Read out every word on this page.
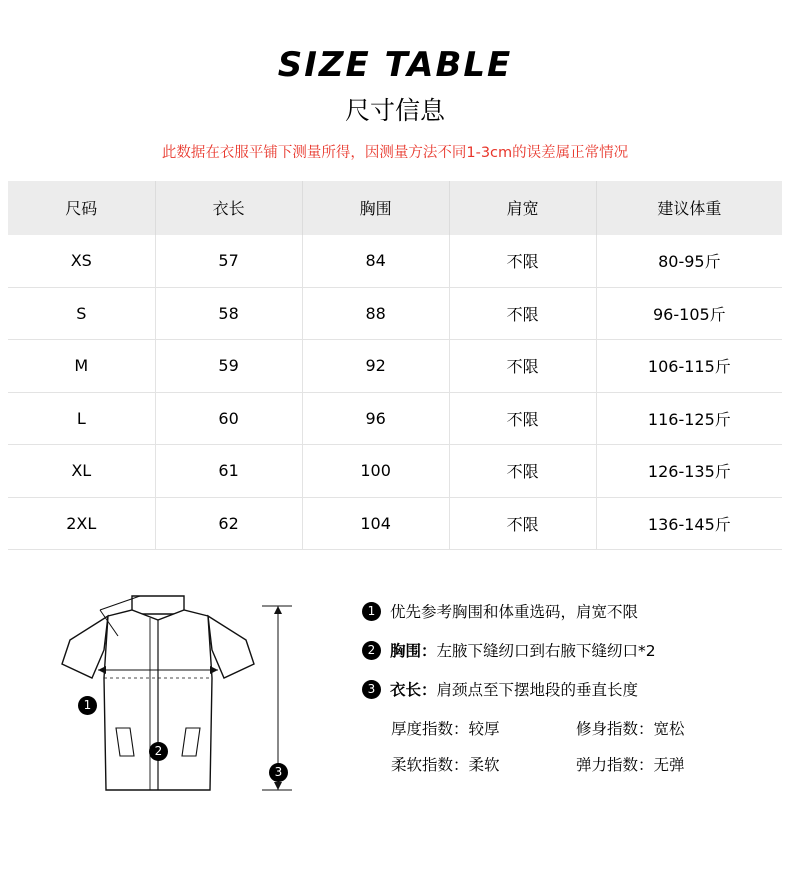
SIZE TABLE
尺寸信息
此数据在衣服平铺下测量所得，因测量方法不同1-3cm的误差属正常情况
尺码	衣长	胸围	肩宽	建议体重
XS	57	84	不限	80-95斤
S	58	88	不限	96-105斤
M	59	92	不限	106-115斤
L	60	96	不限	116-125斤
XL	61	100	不限	126-135斤
2XL	62	104	不限	136-145斤
1
2
3
1 优先参考胸围和体重选码，肩宽不限
2 胸围： 左腋下缝纫口到右腋下缝纫口*2
3 衣长： 肩颈点至下摆地段的垂直长度
厚度指数：较厚	修身指数：宽松
柔软指数：柔软	弹力指数：无弹
